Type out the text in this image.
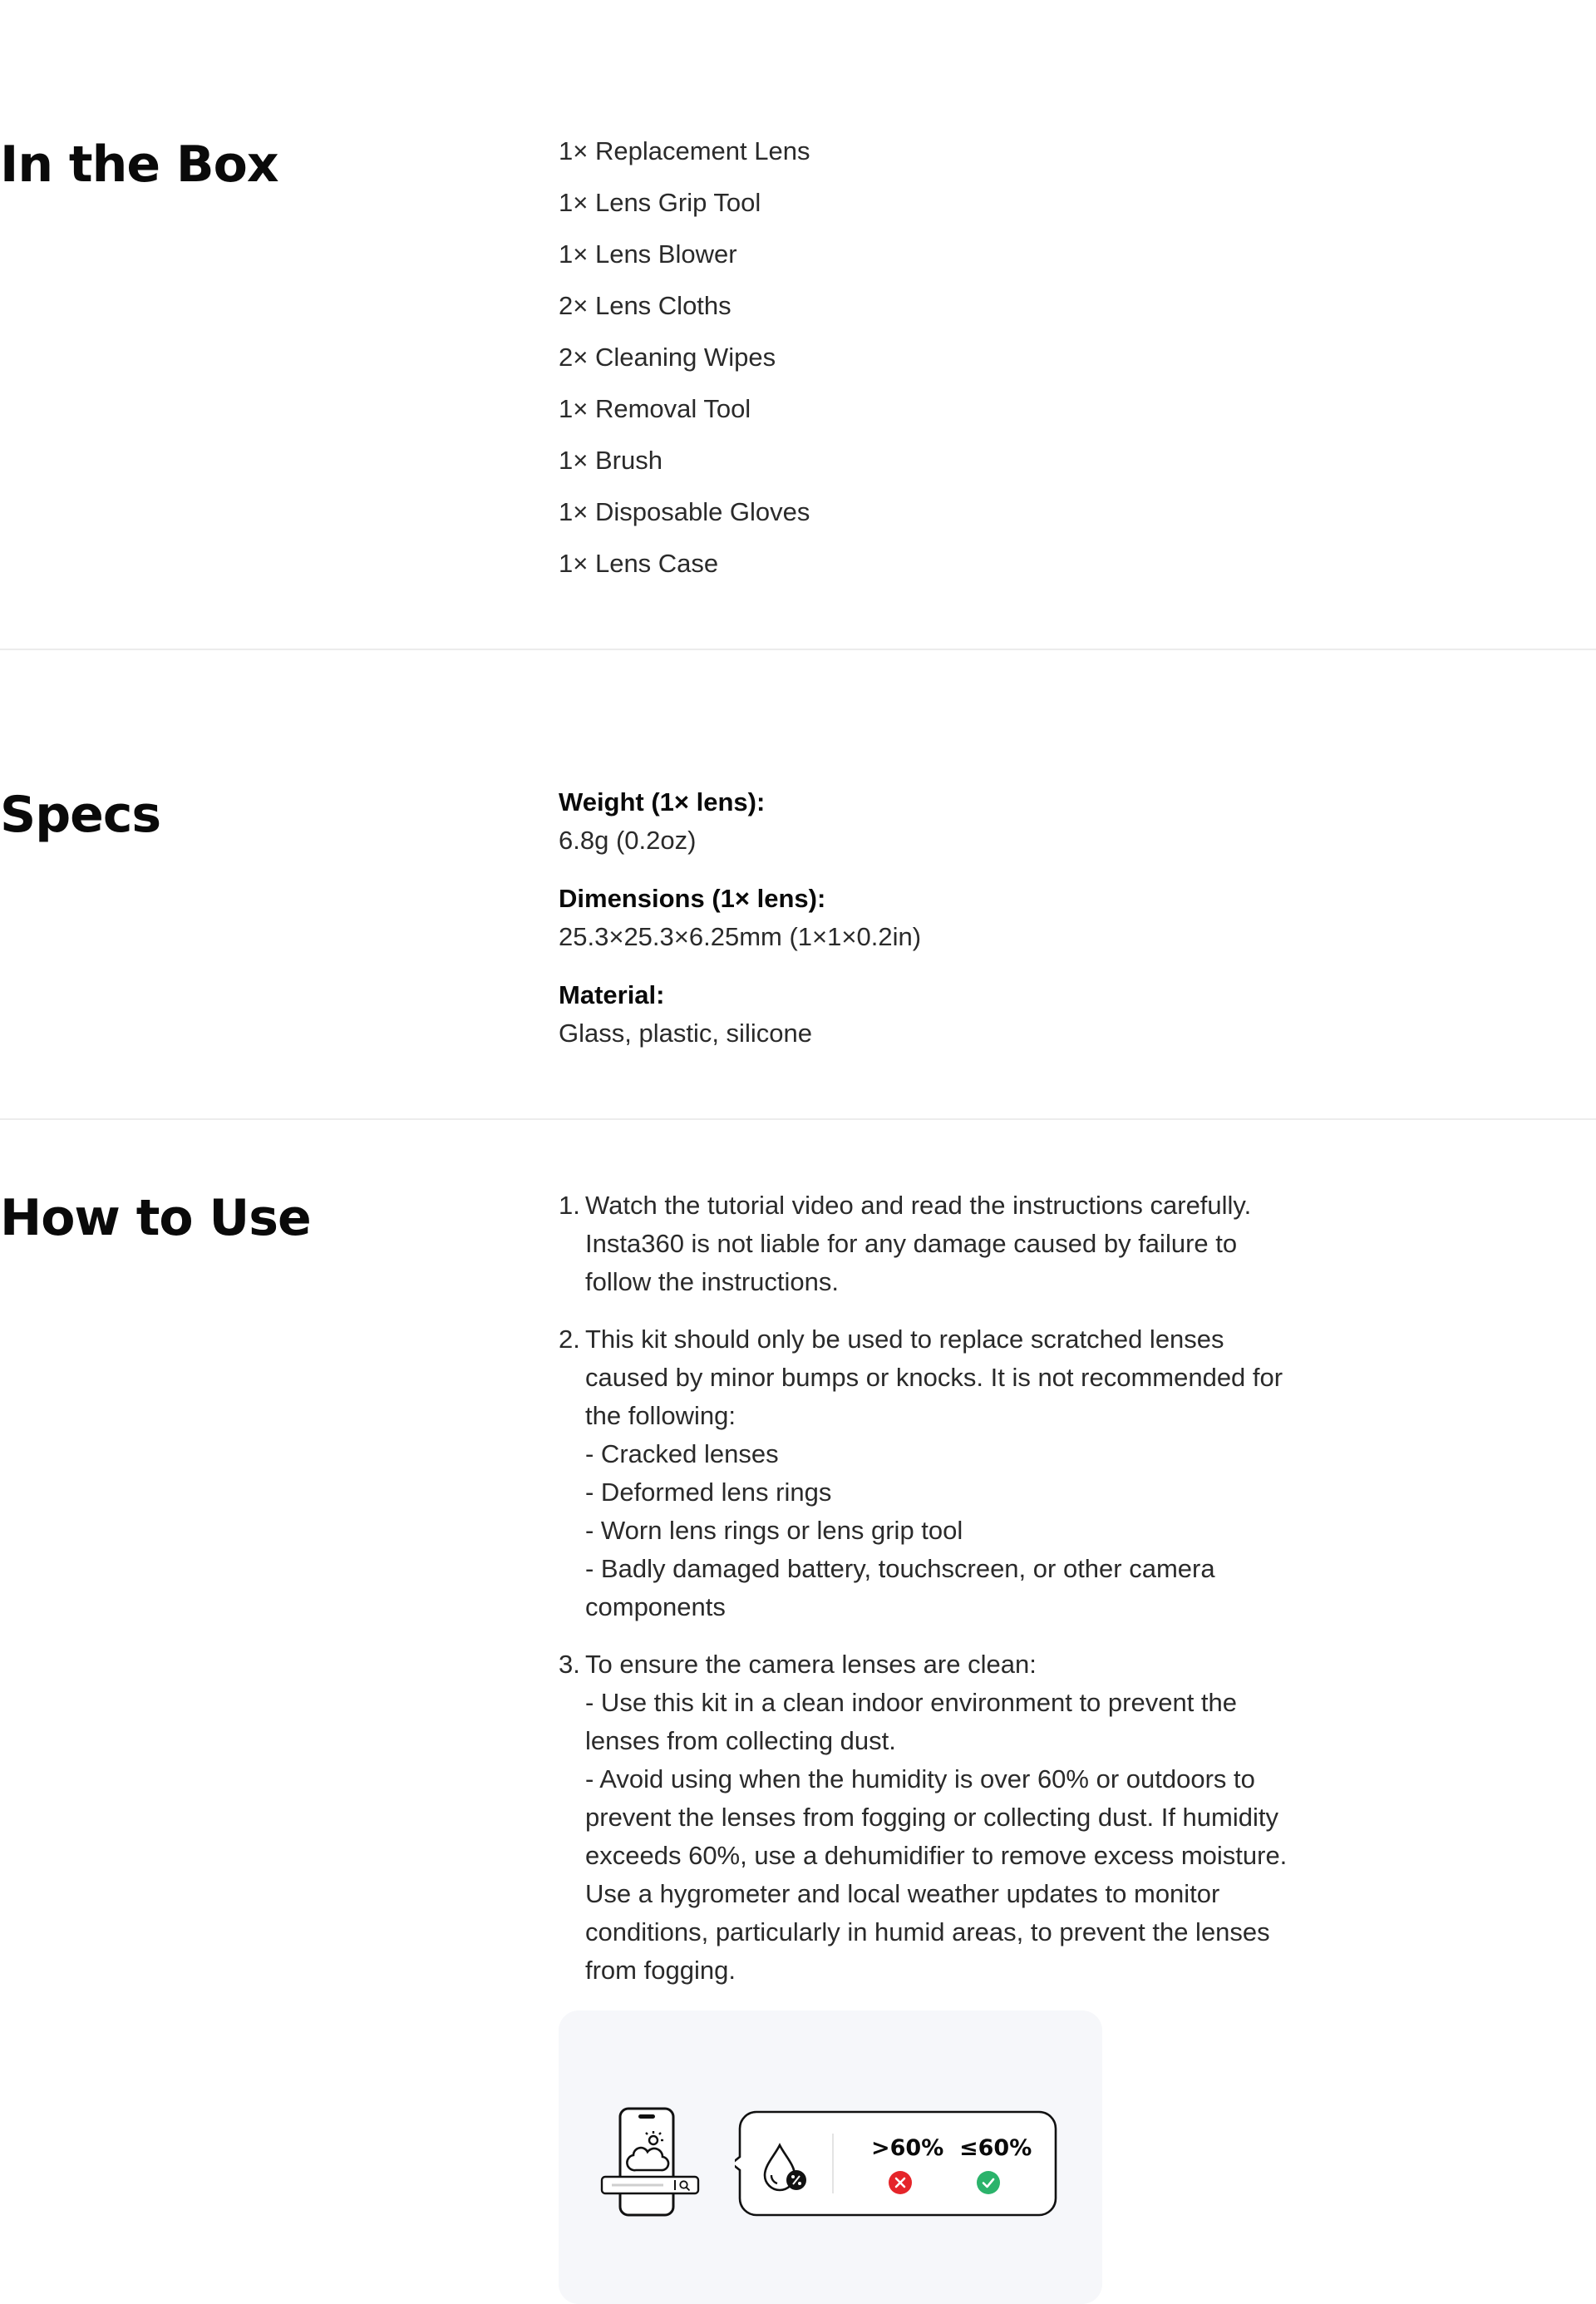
In the Box	1× Replacement Lens
1× Lens Grip Tool
1× Lens Blower
2× Lens Cloths
2× Cleaning Wipes
1× Removal Tool
1× Brush
1× Disposable Gloves
1× Lens Case
Specs	Weight (1× lens):
6.8g (0.2oz)
Dimensions (1× lens):
25.3×25.3×6.25mm (1×1×0.2in)
Material:
Glass, plastic, silicone
How to Use	1. Watch the tutorial video and read the instructions carefully.
Insta360 is not liable for any damage caused by failure to
follow the instructions.
2. This kit should only be used to replace scratched lenses
caused by minor bumps or knocks. It is not recommended for
the following:
- Cracked lenses
- Deformed lens rings
- Worn lens rings or lens grip tool
- Badly damaged battery, touchscreen, or other camera
components
3. To ensure the camera lenses are clean:
- Use this kit in a clean indoor environment to prevent the
lenses from collecting dust.
- Avoid using when the humidity is over 60% or outdoors to
prevent the lenses from fogging or collecting dust. If humidity
exceeds 60%, use a dehumidifier to remove excess moisture.
Use a hygrometer and local weather updates to monitor
conditions, particularly in humid areas, to prevent the lenses
from fogging.
>60% ≤60%
